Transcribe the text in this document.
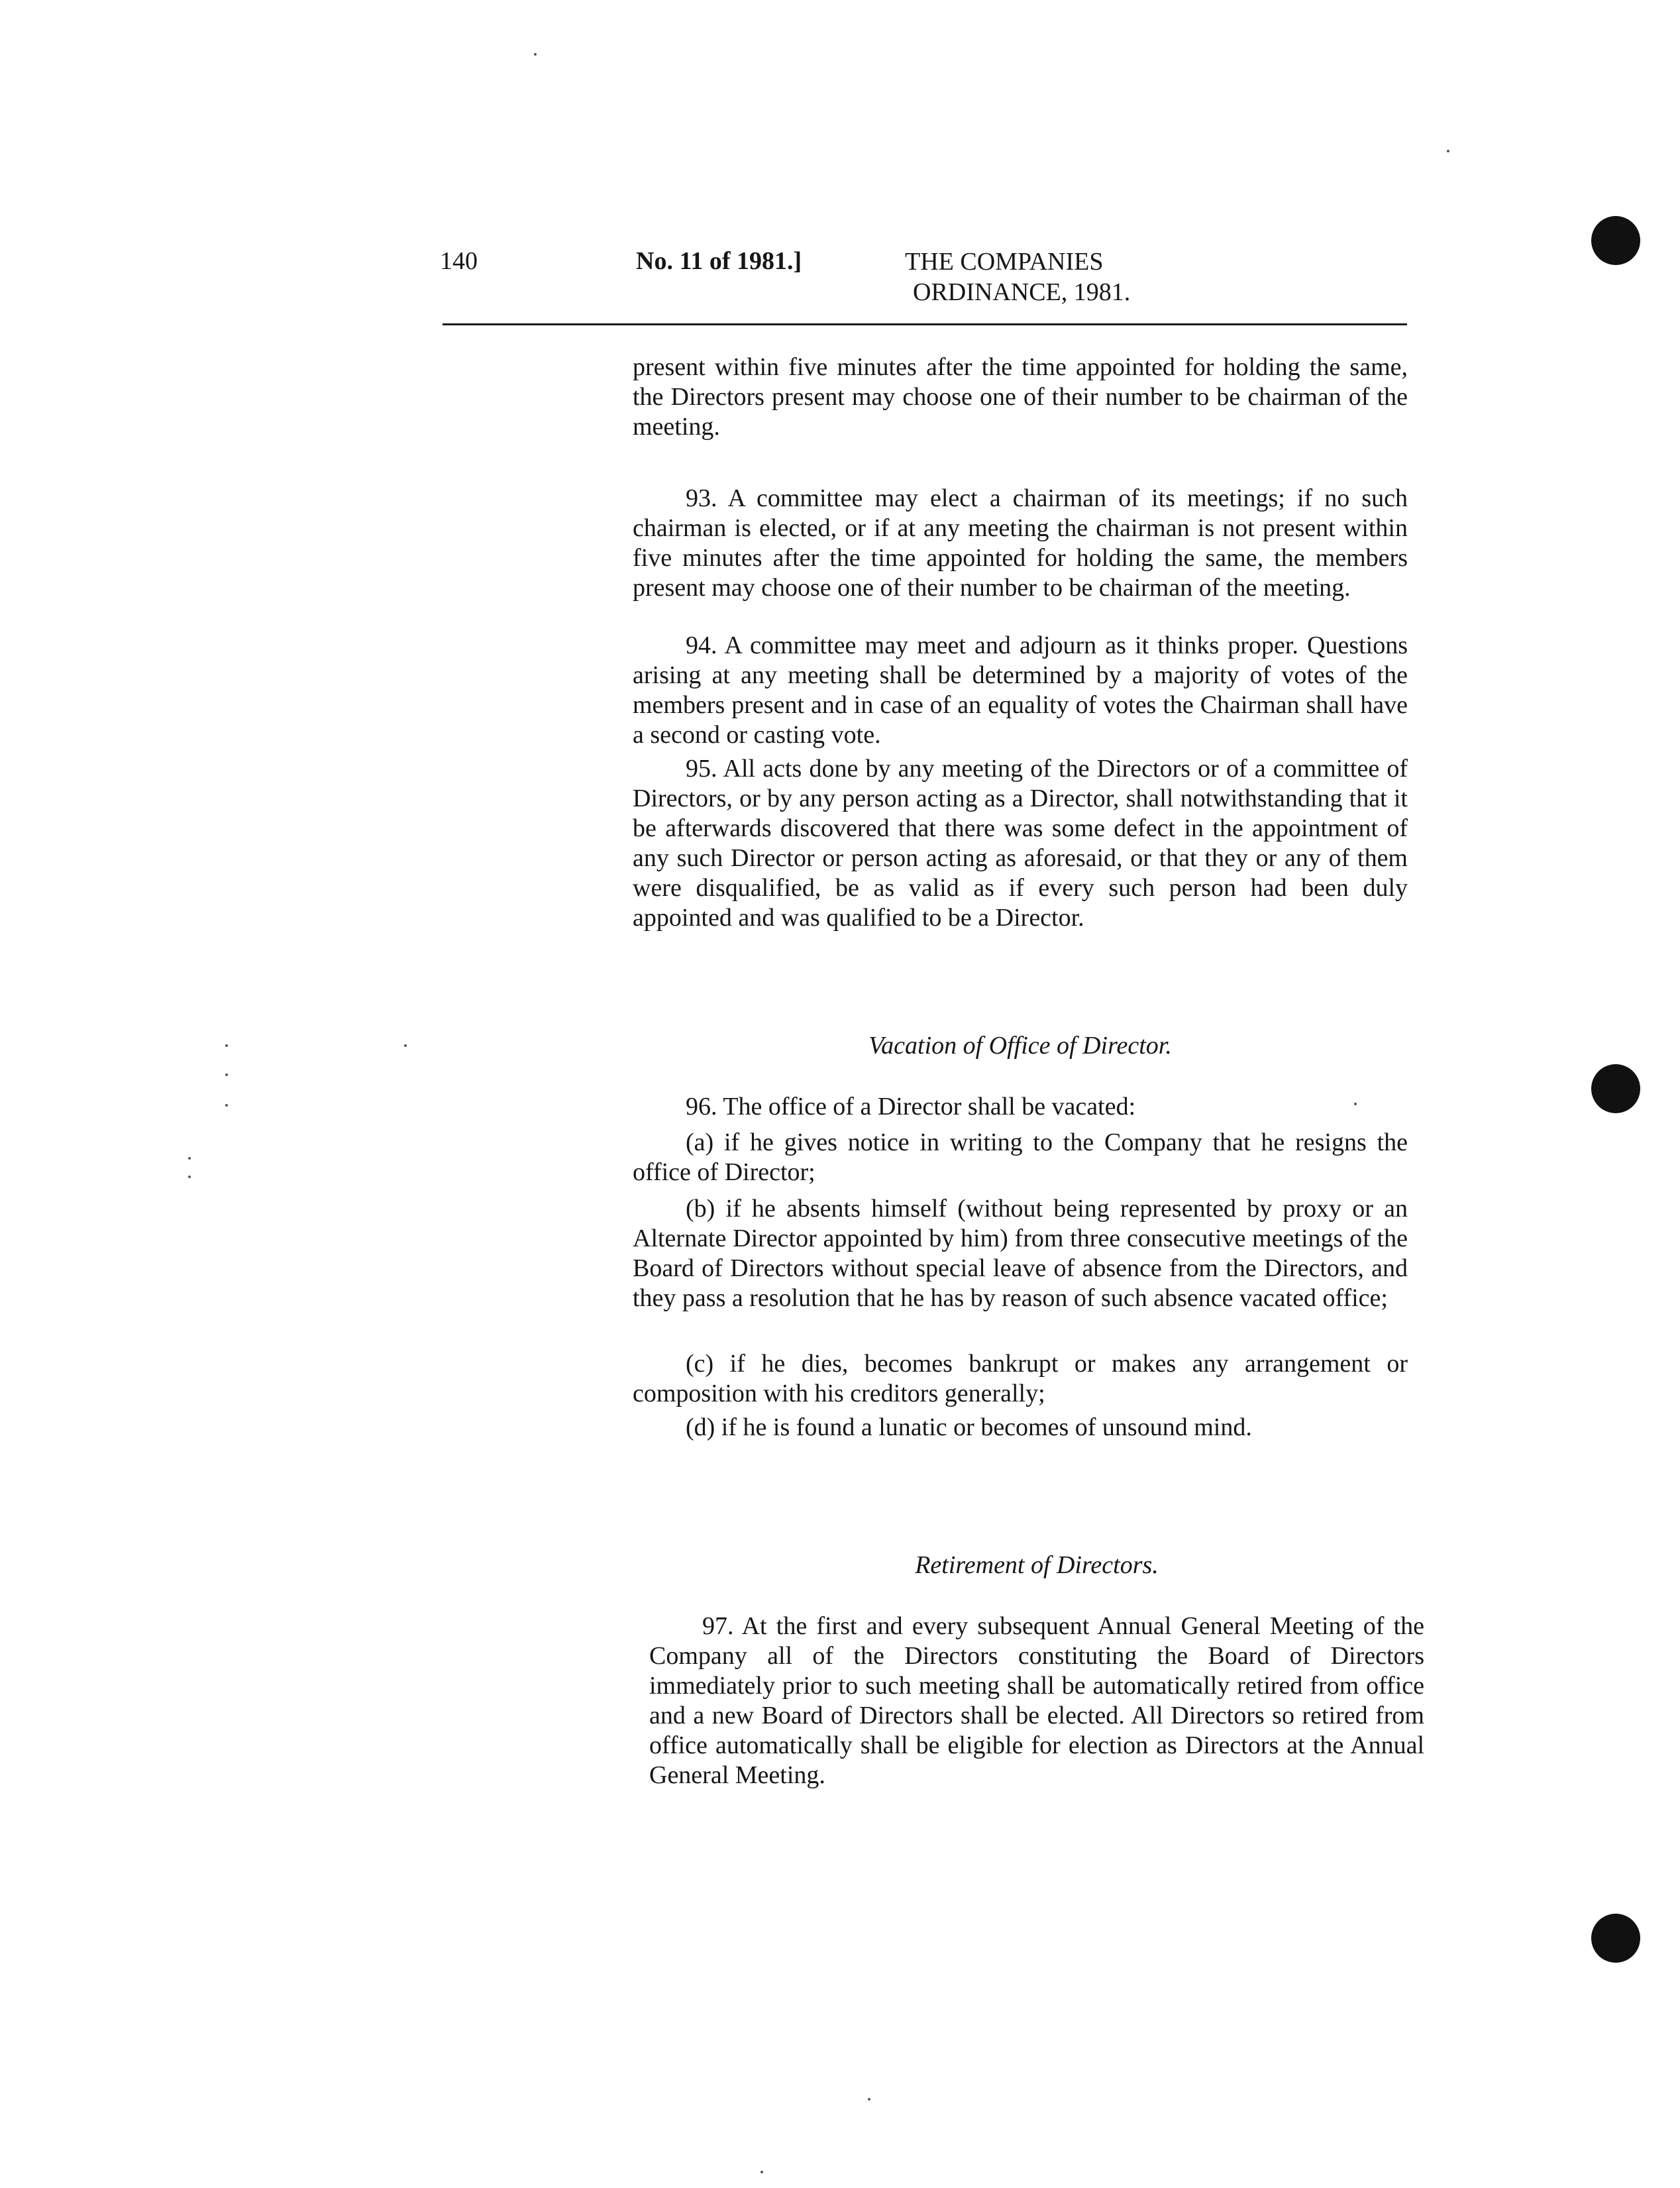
140	No. 11 of 1981.]	THE COMPANIES
ORDINANCE, 1981.

present within five minutes after the time appointed for holding the same, the Directors present may choose one of their number to be chairman of the meeting.

93. A committee may elect a chairman of its meetings; if no such chairman is elected, or if at any meeting the chairman is not present within five minutes after the time appointed for holding the same, the members present may choose one of their number to be chairman of the meeting.

94. A committee may meet and adjourn as it thinks proper. Questions arising at any meeting shall be determined by a majority of votes of the members present and in case of an equality of votes the Chairman shall have a second or casting vote.

95. All acts done by any meeting of the Directors or of a committee of Directors, or by any person acting as a Director, shall notwithstanding that it be afterwards discovered that there was some defect in the appointment of any such Director or person acting as aforesaid, or that they or any of them were disqualified, be as valid as if every such person had been duly appointed and was qualified to be a Director.

Vacation of Office of Director.

96. The office of a Director shall be vacated:

(a) if he gives notice in writing to the Company that he resigns the office of Director;

(b) if he absents himself (without being represented by proxy or an Alternate Director appointed by him) from three consecutive meetings of the Board of Directors without special leave of absence from the Directors, and they pass a resolution that he has by reason of such absence vacated office;

(c) if he dies, becomes bankrupt or makes any arrangement or composition with his creditors generally;

(d) if he is found a lunatic or becomes of unsound mind.

Retirement of Directors.

97. At the first and every subsequent Annual General Meeting of the Company all of the Directors constituting the Board of Directors immediately prior to such meeting shall be automatically retired from office and a new Board of Directors shall be elected. All Directors so retired from office automatically shall be eligible for election as Directors at the Annual General Meeting.
